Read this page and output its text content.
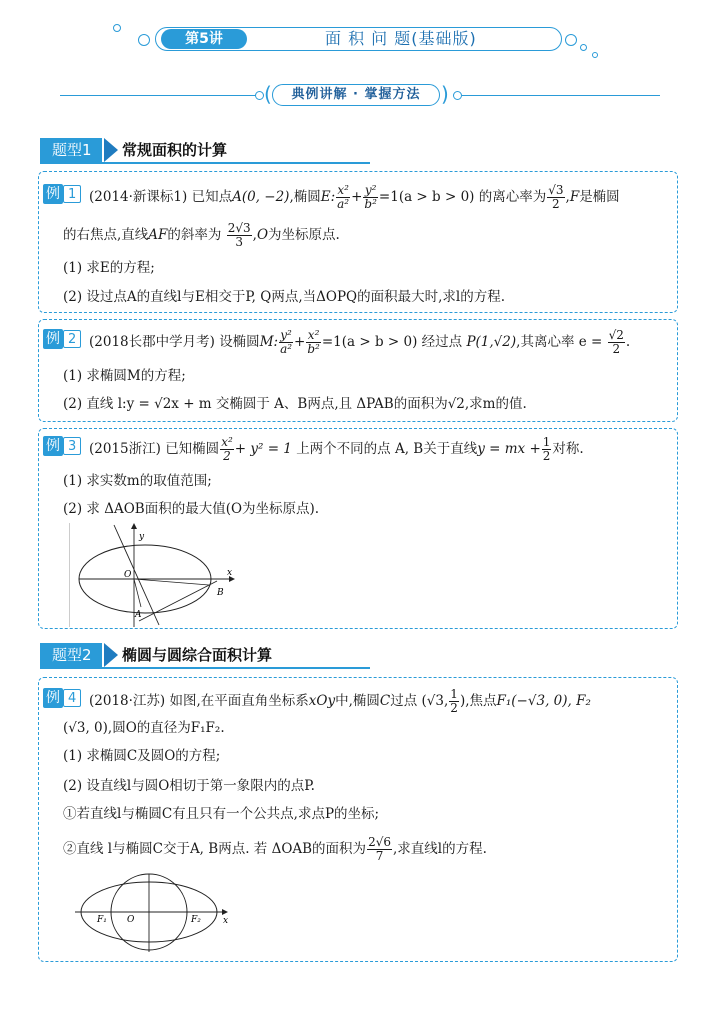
第5讲	面 积 问 题(基础版)
(	典例讲解 · 掌握方法	)
题型1	常规面积的计算
例 1 (2014·新课标1) 已知点A(0, −2),椭圆E: $\frac{\text{x²}}{\text{a²}} + \frac{\text{y²}}{\text{b²}} =1(a > b > 0)$ 的离心率为 $\frac{√3}{2} ,F$是椭圆
的右焦点,直线AF的斜率为 $\frac{2√3}{3} ,O$为坐标原点.
(1) 求E的方程;
(2) 设过点A的直线l与E相交于P, Q两点,当ΔOPQ的面积最大时,求l的方程.
例 2 (2018长郡中学月考) 设椭圆M: $\frac{\text{y²}}{\text{a²}} + \frac{\text{x²}}{\text{b²}} =1(a > b > 0)$ 经过点 P(1,√2),其离心率 $e = \frac{√2}{2}$ .
(1) 求椭圆M的方程;
(2) 直线 l:y = √2x + m 交椭圆于 A、B两点,且 ΔPAB的面积为√2,求m的值.
例 3 (2015浙江) 已知椭圆 $\frac{\text{x²}}{2} + y^2 = 1$ 上两个不同的点 A, B关于直线y = mx + $\frac{1}{2}$ 对称.
(1) 求实数m的取值范围;
(2) 求 ΔAOB面积的最大值(O为坐标原点).
y
x
O
A
B
题型2	椭圆与圆综合面积计算
例 4 (2018·江苏) 如图,在平面直角坐标系xOy中,椭圆C过点 (√3, $\frac{1}{2}$ ),焦点F₁(−√3, 0), F₂
(√3, 0),圆O的直径为F₁F₂.
(1) 求椭圆C及圆O的方程;
(2) 设直线l与圆O相切于第一象限内的点P.
①若直线l与椭圆C有且只有一个公共点,求点P的坐标;
②直线 l与椭圆C交于A, B两点. 若 ΔOAB的面积为 $\frac{2√6}{7}$ ,求直线l的方程.
F₁ O	F₂ x
